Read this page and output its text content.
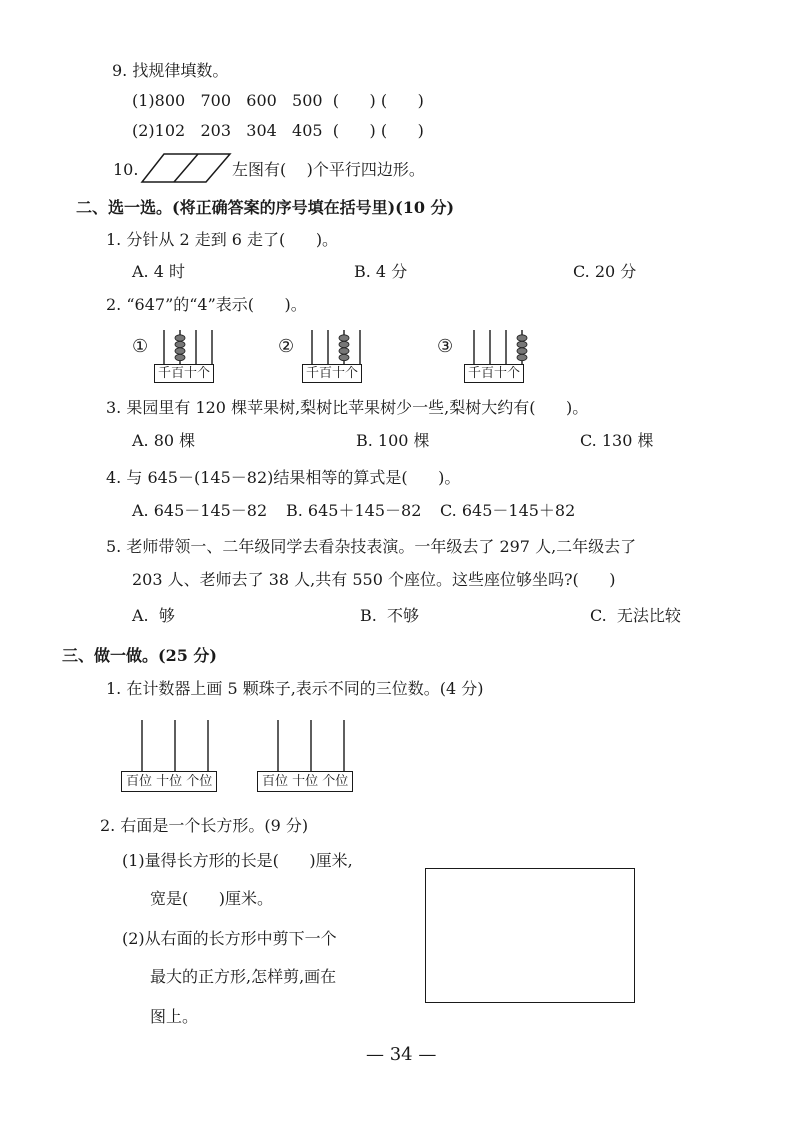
9. 找规律填数。
(1)800   700   600   500  (      ) (      )
(2)102   203   304   405  (      ) (      )
10.	左图有(    )个平行四边形。
二、选一选。(将正确答案的序号填在括号里)(10 分)
1. 分针从 2 走到 6 走了(      )。
A. 4 时	B. 4 分	C. 20 分
2. “647”的“4”表示(      )。
①
千百十个
②
千百十个
③
千百十个
3. 果园里有 120 棵苹果树,梨树比苹果树少一些,梨树大约有(      )。
A. 80 棵	B. 100 棵	C. 130 棵
4. 与 645－(145－82)结果相等的算式是(      )。
A. 645－145－82 B. 645＋145－82 C. 645－145＋82
5. 老师带领一、二年级同学去看杂技表演。一年级去了 297 人,二年级去了
203 人、老师去了 38 人,共有 550 个座位。这些座位够坐吗?(      )
A.  够	B.  不够	C.  无法比较
三、做一做。(25 分)
1. 在计数器上画 5 颗珠子,表示不同的三位数。(4 分)
百位 十位 个位	百位 十位 个位
2. 右面是一个长方形。(9 分)
(1)量得长方形的长是(      )厘米,
宽是(      )厘米。
(2)从右面的长方形中剪下一个
最大的正方形,怎样剪,画在
图上。
— 34 —
